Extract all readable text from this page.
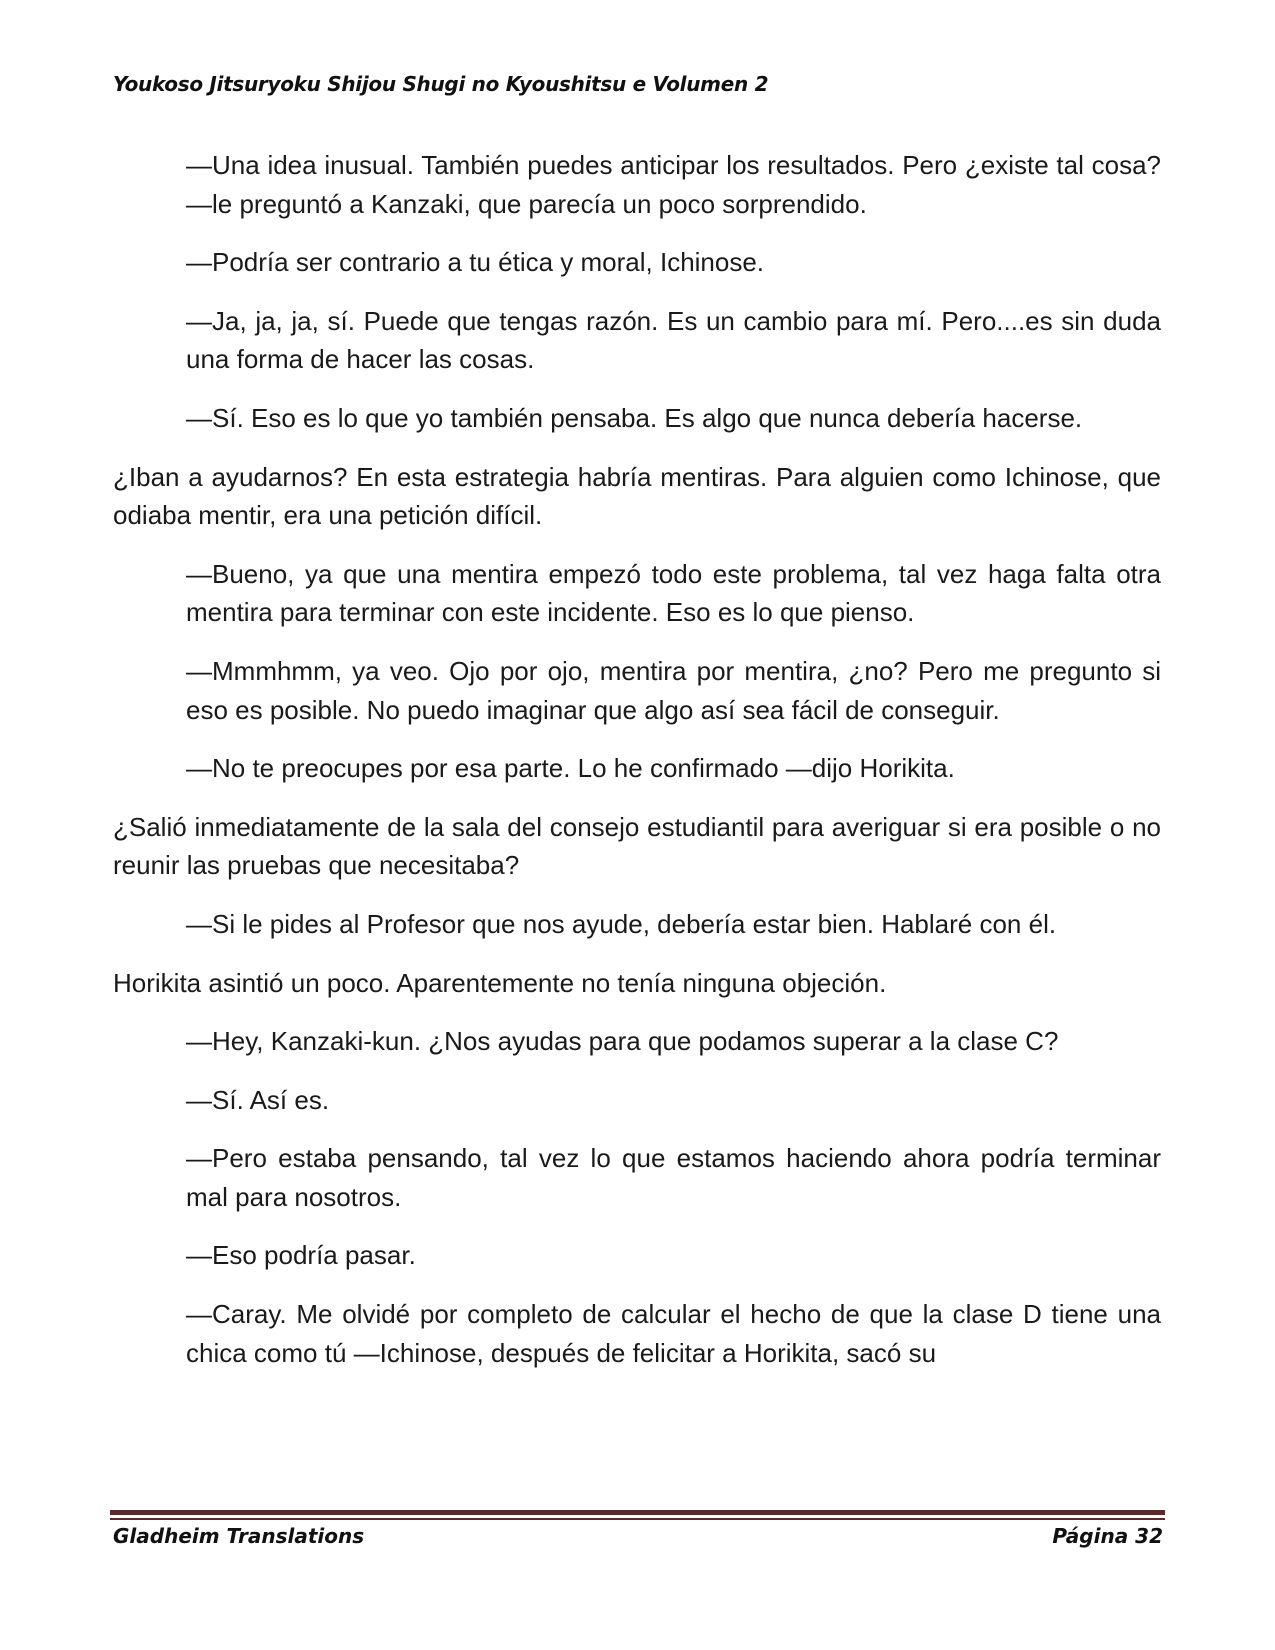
Youkoso Jitsuryoku Shijou Shugi no Kyoushitsu e Volumen 2

—Una idea inusual. También puedes anticipar los resultados. Pero ¿existe tal cosa? —le preguntó a Kanzaki, que parecía un poco sorprendido.

—Podría ser contrario a tu ética y moral, Ichinose.

—Ja, ja, ja, sí. Puede que tengas razón. Es un cambio para mí. Pero....es sin duda una forma de hacer las cosas.

—Sí. Eso es lo que yo también pensaba. Es algo que nunca debería hacerse.

¿Iban a ayudarnos? En esta estrategia habría mentiras. Para alguien como Ichinose, que odiaba mentir, era una petición difícil.

—Bueno, ya que una mentira empezó todo este problema, tal vez haga falta otra mentira para terminar con este incidente. Eso es lo que pienso.

—Mmmhmm, ya veo. Ojo por ojo, mentira por mentira, ¿no? Pero me pregunto si eso es posible. No puedo imaginar que algo así sea fácil de conseguir.

—No te preocupes por esa parte. Lo he confirmado —dijo Horikita.

¿Salió inmediatamente de la sala del consejo estudiantil para averiguar si era posible o no reunir las pruebas que necesitaba?

—Si le pides al Profesor que nos ayude, debería estar bien. Hablaré con él.

Horikita asintió un poco. Aparentemente no tenía ninguna objeción.

—Hey, Kanzaki-kun. ¿Nos ayudas para que podamos superar a la clase C?

—Sí. Así es.

—Pero estaba pensando, tal vez lo que estamos haciendo ahora podría terminar mal para nosotros.

—Eso podría pasar.

—Caray. Me olvidé por completo de calcular el hecho de que la clase D tiene una chica como tú —Ichinose, después de felicitar a Horikita, sacó su

Gladheim Translations	Página 32
